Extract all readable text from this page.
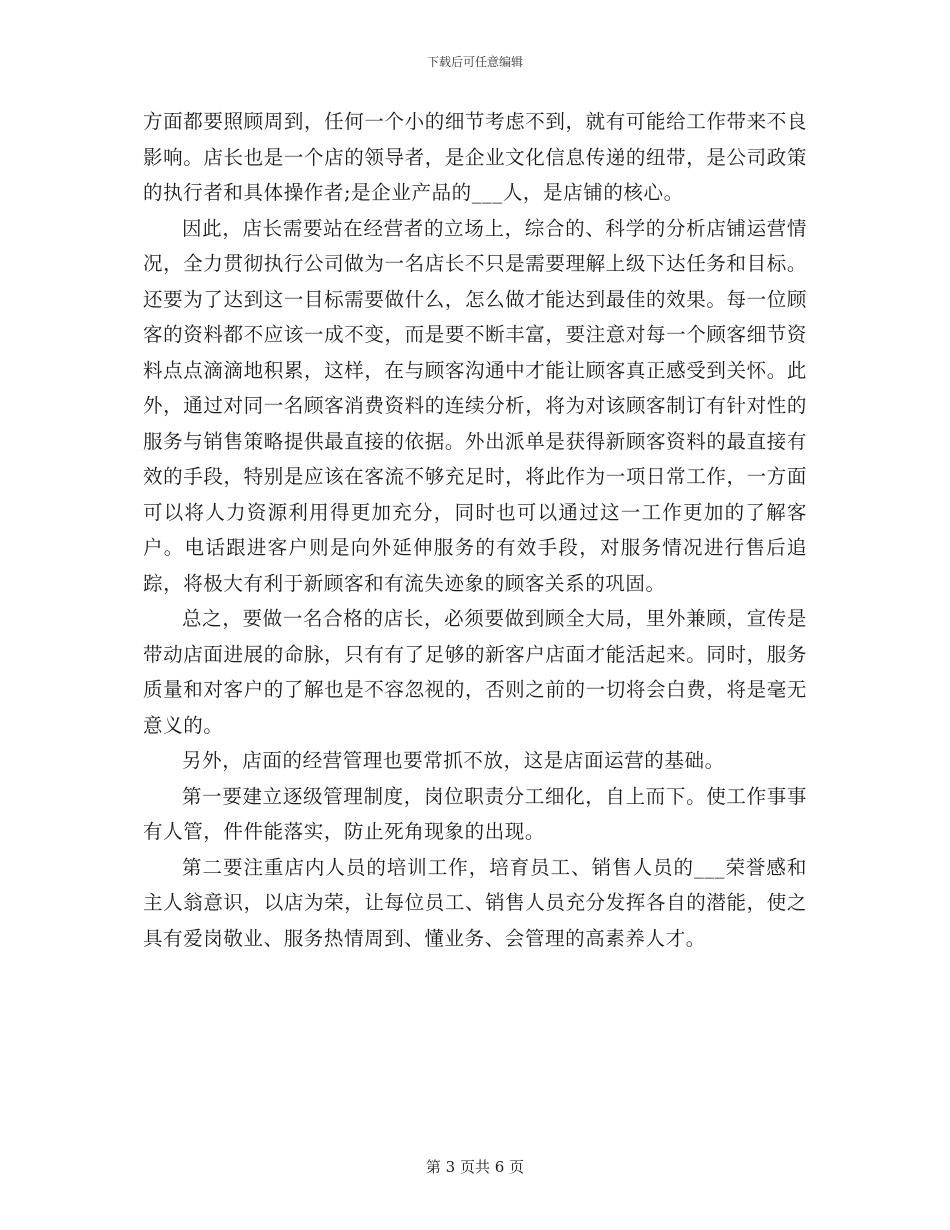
下载后可任意编辑

方面都要照顾周到，任何一个小的细节考虑不到，就有可能给工作带来不良影响。店长也是一个店的领导者，是企业文化信息传递的纽带，是公司政策的执行者和具体操作者;是企业产品的___人，是店铺的核心。

因此，店长需要站在经营者的立场上，综合的、科学的分析店铺运营情况，全力贯彻执行公司做为一名店长不只是需要理解上级下达任务和目标。还要为了达到这一目标需要做什么，怎么做才能达到最佳的效果。每一位顾客的资料都不应该一成不变，而是要不断丰富，要注意对每一个顾客细节资料点点滴滴地积累，这样，在与顾客沟通中才能让顾客真正感受到关怀。此外，通过对同一名顾客消费资料的连续分析，将为对该顾客制订有针对性的服务与销售策略提供最直接的依据。外出派单是获得新顾客资料的最直接有效的手段，特别是应该在客流不够充足时，将此作为一项日常工作，一方面可以将人力资源利用得更加充分，同时也可以通过这一工作更加的了解客户。电话跟进客户则是向外延伸服务的有效手段，对服务情况进行售后追踪，将极大有利于新顾客和有流失迹象的顾客关系的巩固。

总之，要做一名合格的店长，必须要做到顾全大局，里外兼顾，宣传是带动店面进展的命脉，只有有了足够的新客户店面才能活起来。同时，服务质量和对客户的了解也是不容忽视的，否则之前的一切将会白费，将是毫无意义的。

另外，店面的经营管理也要常抓不放，这是店面运营的基础。

第一要建立逐级管理制度，岗位职责分工细化，自上而下。使工作事事有人管，件件能落实，防止死角现象的出现。

第二要注重店内人员的培训工作，培育员工、销售人员的___荣誉感和主人翁意识，以店为荣，让每位员工、销售人员充分发挥各自的潜能，使之具有爱岗敬业、服务热情周到、懂业务、会管理的高素养人才。

第 3 页共 6 页
